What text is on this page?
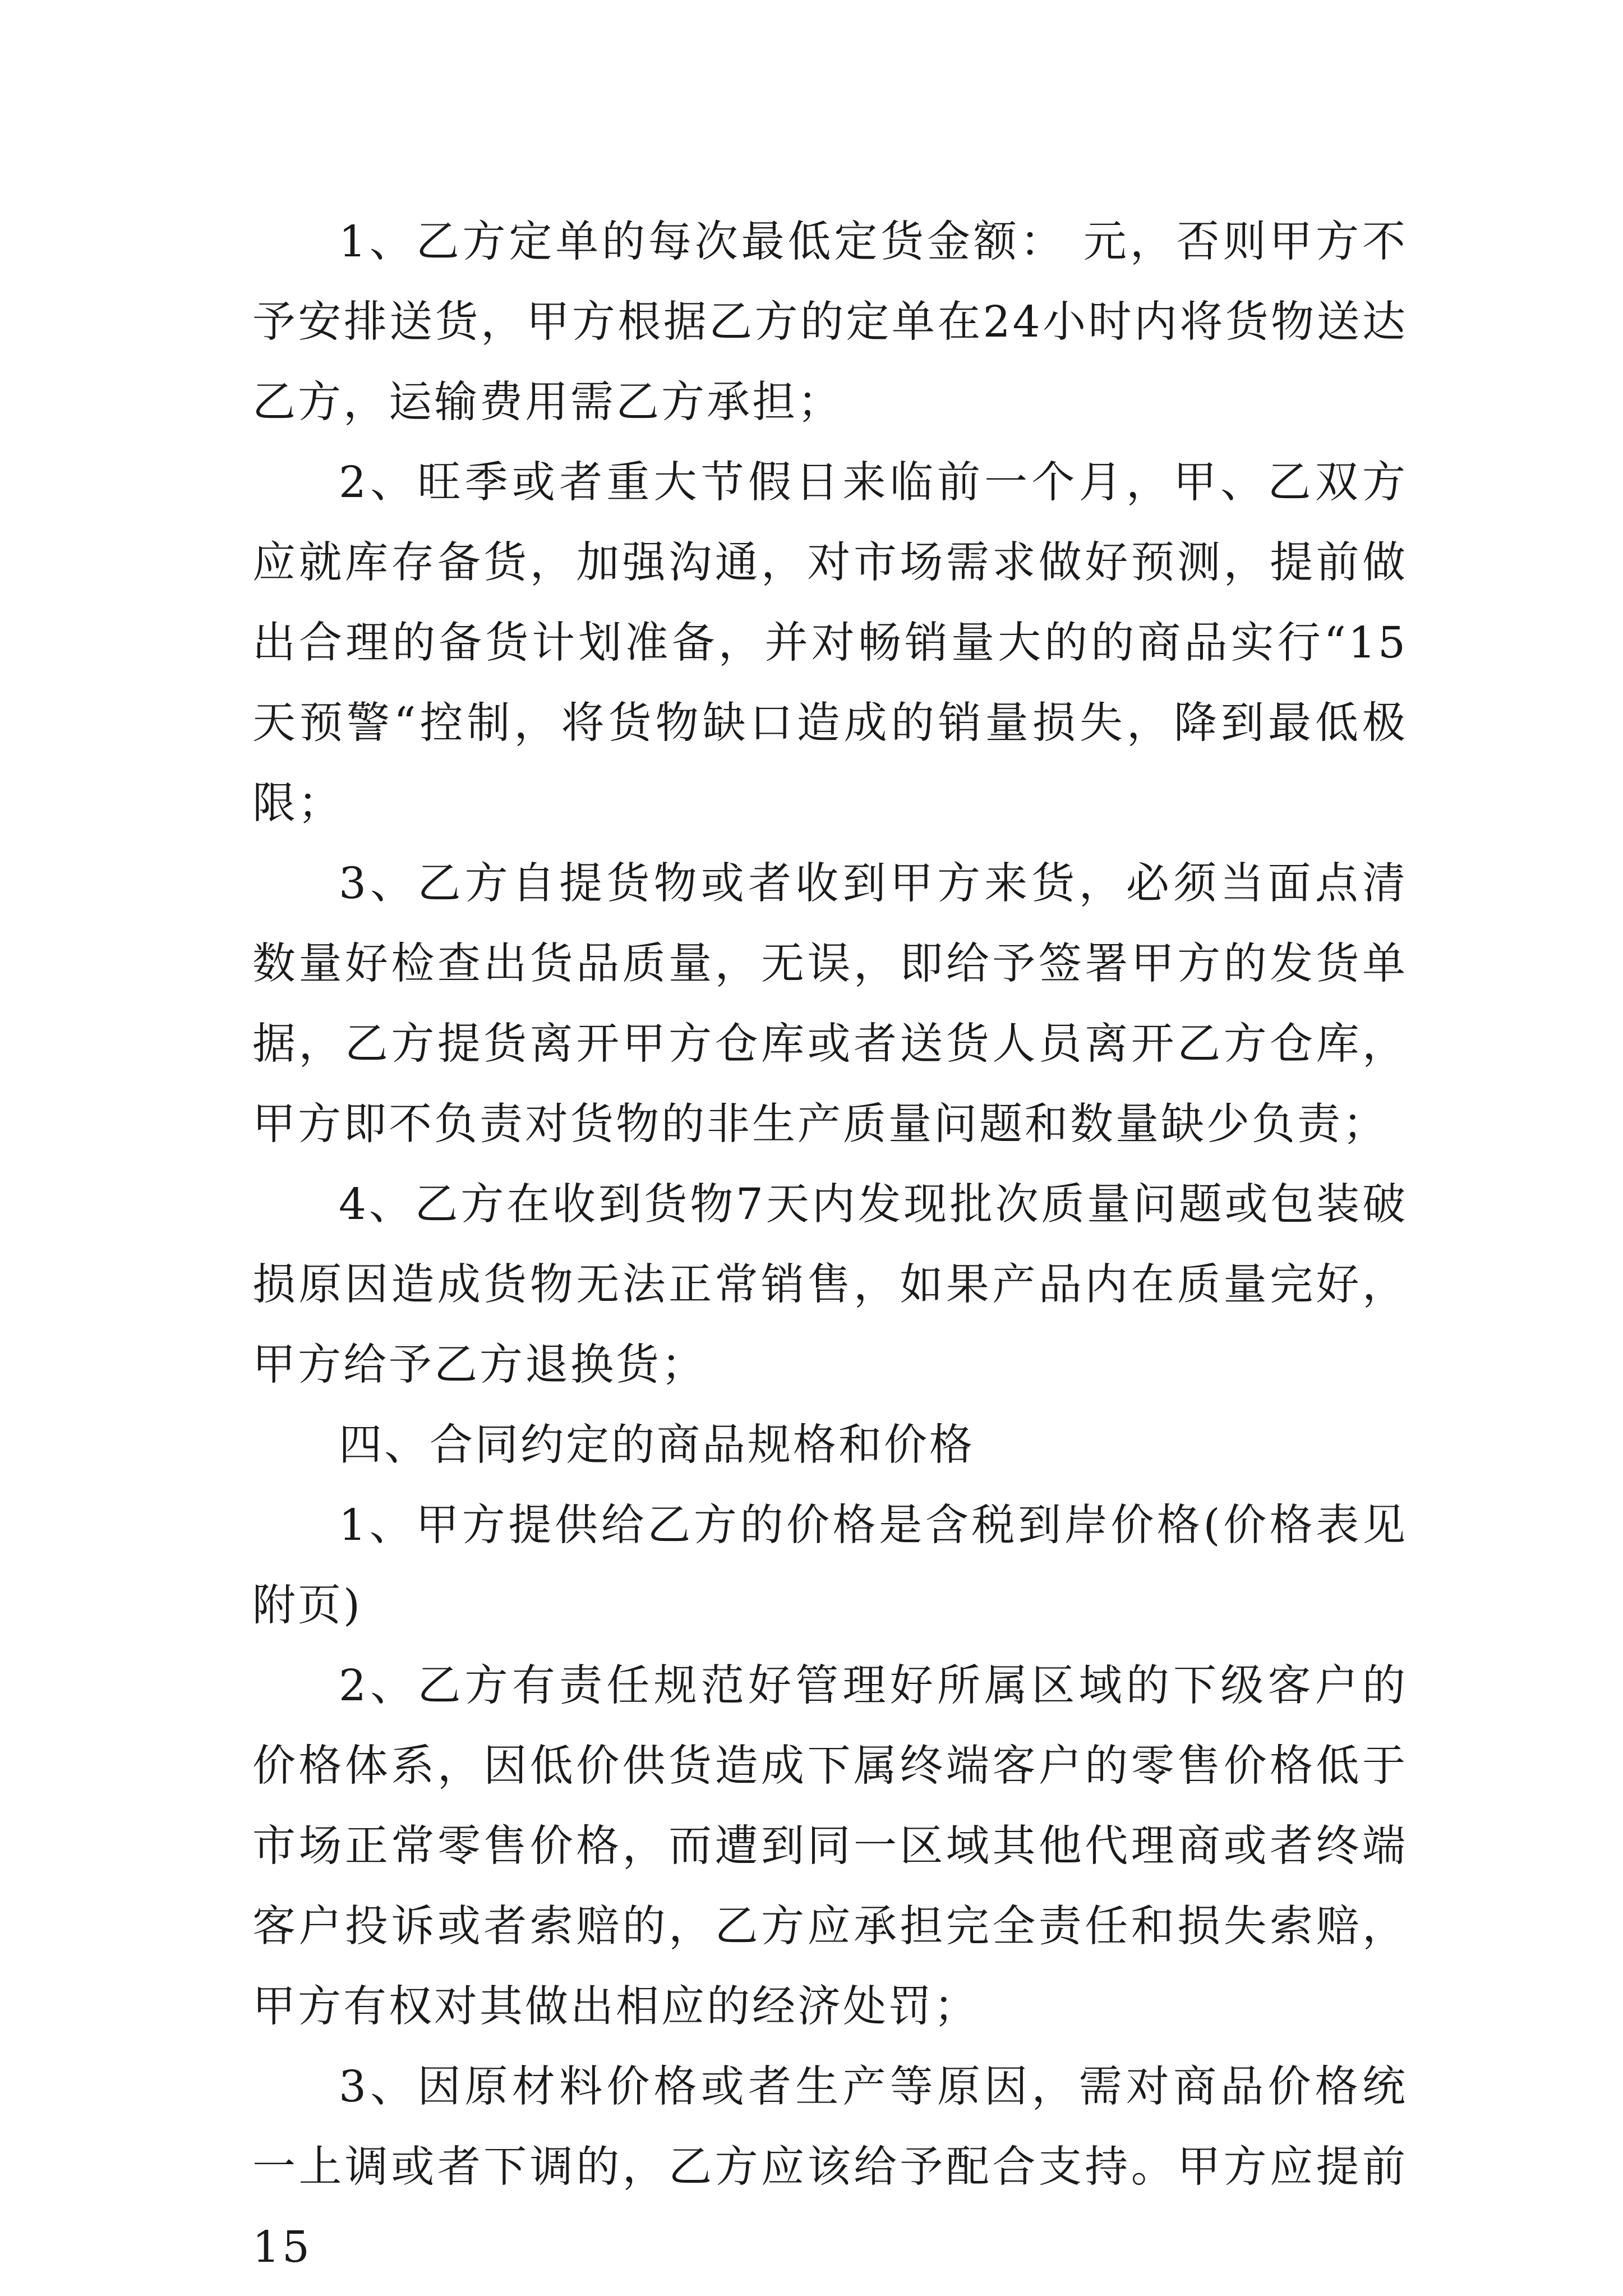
1、乙方定单的每次最低定货金额： 元，否则甲方不予安排送货，甲方根据乙方的定单在24小时内将货物送达乙方，运输费用需乙方承担；

2、旺季或者重大节假日来临前一个月，甲、乙双方应就库存备货，加强沟通，对市场需求做好预测，提前做出合理的备货计划准备，并对畅销量大的的商品实行“15天预警“控制，将货物缺口造成的销量损失，降到最低极限；

3、乙方自提货物或者收到甲方来货，必须当面点清数量好检查出货品质量，无误，即给予签署甲方的发货单据，乙方提货离开甲方仓库或者送货人员离开乙方仓库，甲方即不负责对货物的非生产质量问题和数量缺少负责；

4、乙方在收到货物7天内发现批次质量问题或包装破损原因造成货物无法正常销售，如果产品内在质量完好，甲方给予乙方退换货；

四、合同约定的商品规格和价格

1、甲方提供给乙方的价格是含税到岸价格(价格表见附页)

2、乙方有责任规范好管理好所属区域的下级客户的价格体系，因低价供货造成下属终端客户的零售价格低于市场正常零售价格，而遭到同一区域其他代理商或者终端客户投诉或者索赔的，乙方应承担完全责任和损失索赔，甲方有权对其做出相应的经济处罚；

3、因原材料价格或者生产等原因，需对商品价格统一上调或者下调的，乙方应该给予配合支持。甲方应提前15
